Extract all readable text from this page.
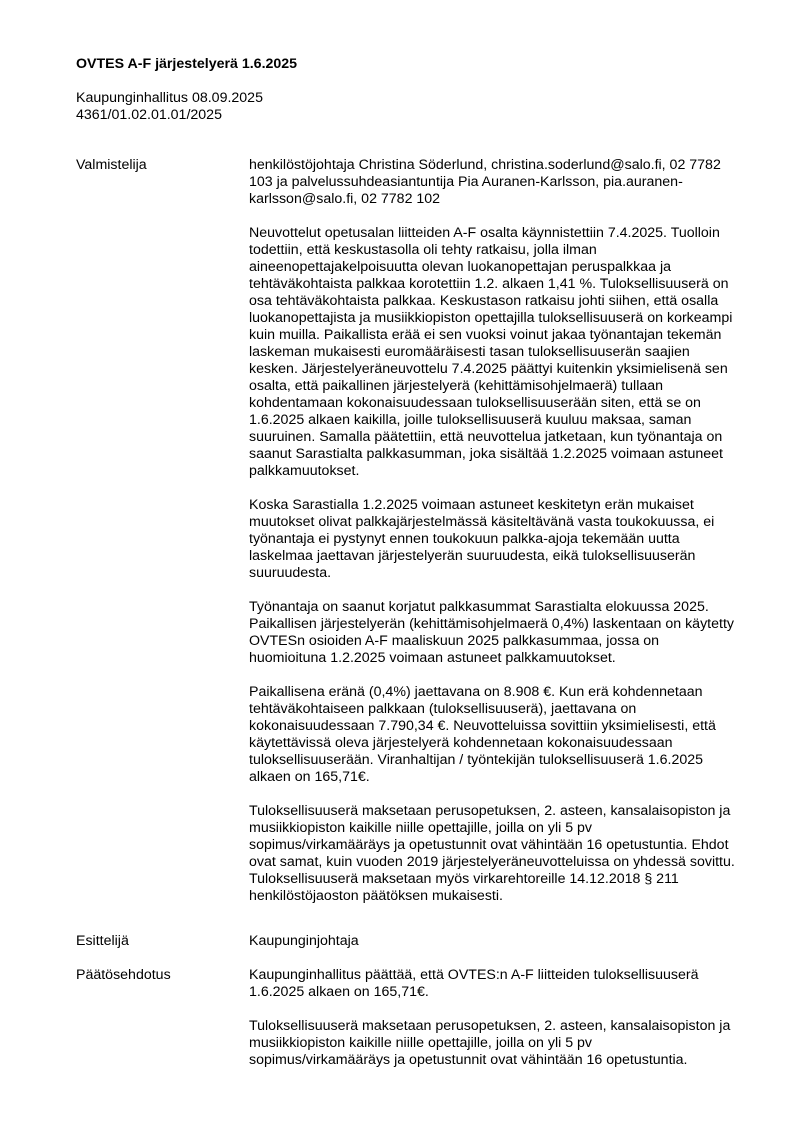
OVTES A-F järjestelyerä 1.6.2025
Kaupunginhallitus 08.09.2025
4361/01.02.01.01/2025
Valmistelija	henkilöstöjohtaja Christina Söderlund, christina.soderlund@salo.fi, 02 7782 103 ja palvelussuhdeasiantuntija Pia Auranen-Karlsson, pia.auranen-karlsson@salo.fi, 02 7782 102

Neuvottelut opetusalan liitteiden A-F osalta käynnistettiin 7.4.2025. Tuolloin todettiin, että keskustasolla oli tehty ratkaisu, jolla ilman aineenopettajakelpoisuutta olevan luokanopettajan peruspalkkaa ja tehtäväkohtaista palkkaa korotettiin 1.2. alkaen 1,41 %. Tuloksellisuuserä on osa tehtäväkohtaista palkkaa. Keskustason ratkaisu johti siihen, että osalla luokanopettajista ja musiikkiopiston opettajilla tuloksellisuuserä on korkeampi kuin muilla. Paikallista erää ei sen vuoksi voinut jakaa työnantajan tekemän laskeman mukaisesti euromääräisesti tasan tuloksellisuuserän saajien kesken. Järjestelyeräneuvottelu 7.4.2025 päättyi kuitenkin yksimielisenä sen osalta, että paikallinen järjestelyerä (kehittämisohjelmaerä) tullaan kohdentamaan kokonaisuudessaan tuloksellisuuserään siten, että se on 1.6.2025 alkaen kaikilla, joille tuloksellisuuserä kuuluu maksaa, saman suuruinen. Samalla päätettiin, että neuvottelua jatketaan, kun työnantaja on saanut Sarastialta palkkasumman, joka sisältää 1.2.2025 voimaan astuneet palkkamuutokset.

Koska Sarastialla 1.2.2025 voimaan astuneet keskitetyn erän mukaiset muutokset olivat palkkajärjestelmässä käsiteltävänä vasta toukokuussa, ei työnantaja ei pystynyt ennen toukokuun palkka-ajoja tekemään uutta laskelmaa jaettavan järjestelyerän suuruudesta, eikä tuloksellisuuserän suuruudesta.

Työnantaja on saanut korjatut palkkasummat Sarastialta elokuussa 2025. Paikallisen järjestelyerän (kehittämisohjelmaerä 0,4%) laskentaan on käytetty OVTESn osioiden A-F maaliskuun 2025 palkkasummaa, jossa on huomioituna 1.2.2025 voimaan astuneet palkkamuutokset.

Paikallisena eränä (0,4%) jaettavana on 8.908 €. Kun erä kohdennetaan tehtäväkohtaiseen palkkaan (tuloksellisuuserä), jaettavana on kokonaisuudessaan 7.790,34 €. Neuvotteluissa sovittiin yksimielisesti, että käytettävissä oleva järjestelyerä kohdennetaan kokonaisuudessaan tuloksellisuuserään. Viranhaltijan / työntekijän tuloksellisuuserä 1.6.2025 alkaen on 165,71€.

Tuloksellisuuserä maksetaan perusopetuksen, 2. asteen, kansalaisopiston ja musiikkiopiston kaikille niille opettajille, joilla on yli 5 pv sopimus/virkamääräys ja opetustunnit ovat vähintään 16 opetustuntia. Ehdot ovat samat, kuin vuoden 2019 järjestelyeräneuvotteluissa on yhdessä sovittu. Tuloksellisuuserä maksetaan myös virkarehtoreille 14.12.2018 § 211 henkilöstöjaoston päätöksen mukaisesti.

Esittelijä	Kaupunginjohtaja
Päätösehdotus	Kaupunginhallitus päättää, että OVTES:n A-F liitteiden tuloksellisuuserä 1.6.2025 alkaen on 165,71€.

Tuloksellisuuserä maksetaan perusopetuksen, 2. asteen, kansalaisopiston ja musiikkiopiston kaikille niille opettajille, joilla on yli 5 pv sopimus/virkamääräys ja opetustunnit ovat vähintään 16 opetustuntia.
